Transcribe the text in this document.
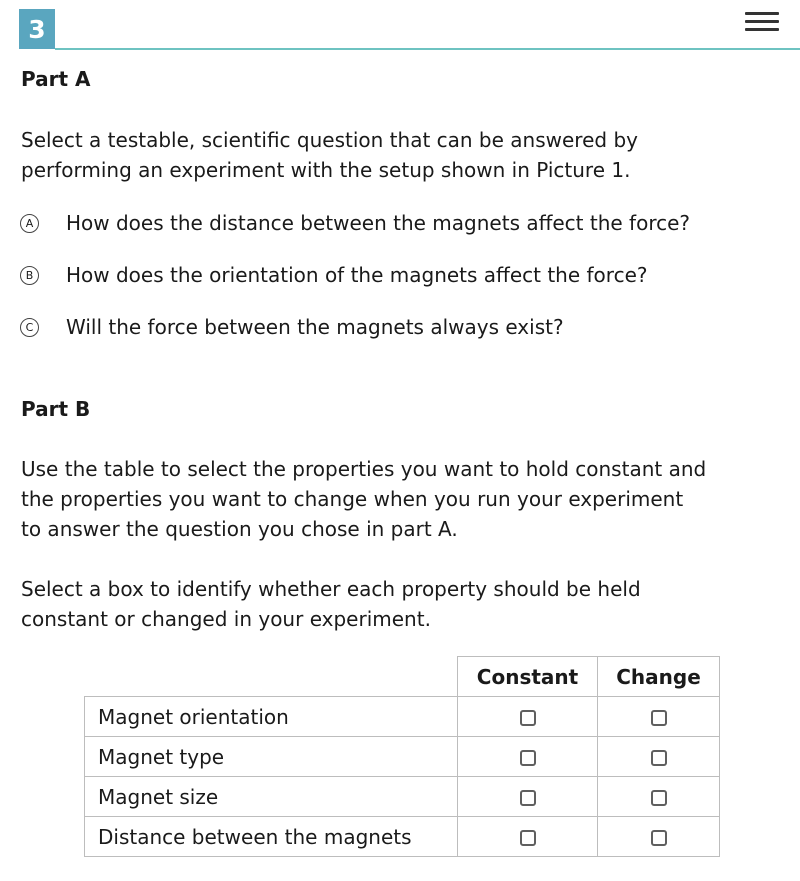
3
Part A
Select a testable, scientific question that can be answered by
performing an experiment with the setup shown in Picture 1.
A How does the distance between the magnets affect the force?
B How does the orientation of the magnets affect the force?
C Will the force between the magnets always exist?
Part B
Use the table to select the properties you want to hold constant and
the properties you want to change when you run your experiment
to answer the question you chose in part A.
Select a box to identify whether each property should be held
constant or changed in your experiment.
	Constant	Change
Magnet orientation		
Magnet type		
Magnet size		
Distance between the magnets		
